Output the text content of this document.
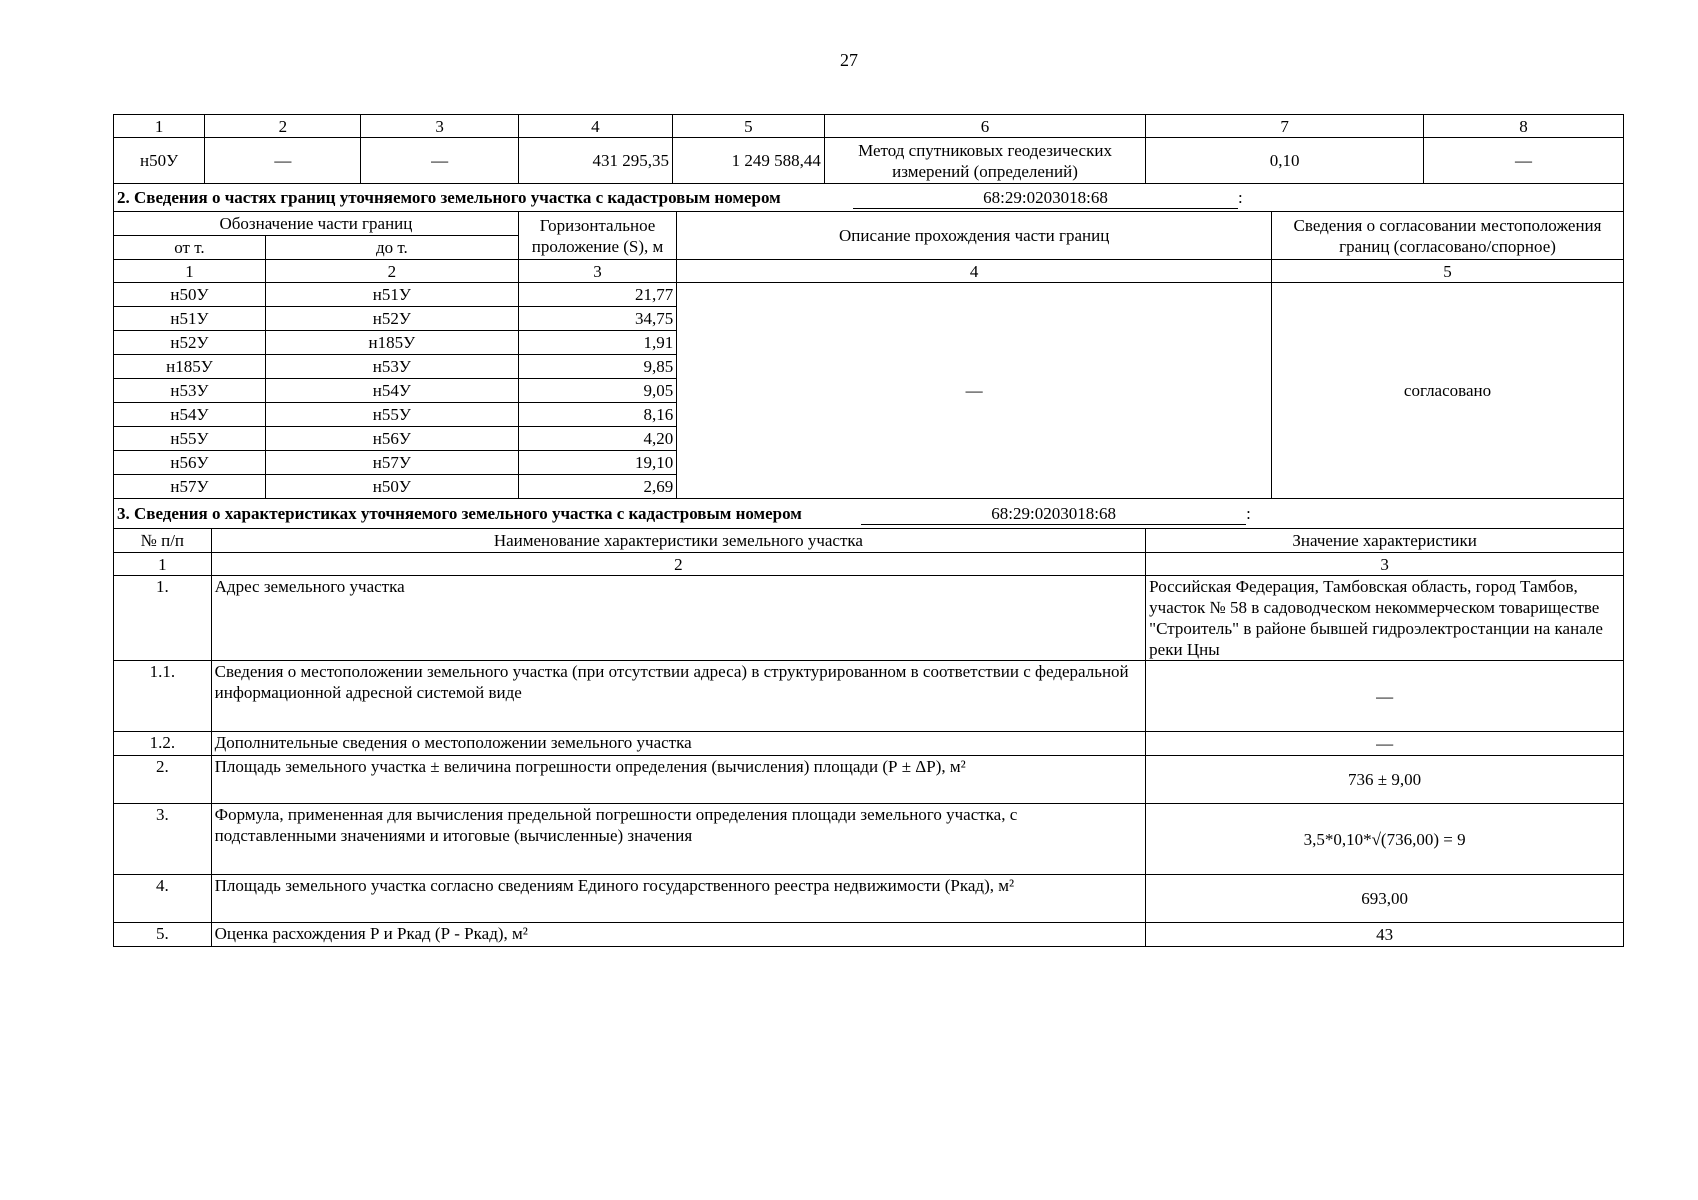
27
1	2			3	4	5		6	7		8
н50У	—			—	431 295,35	1 249 588,44		Метод спутниковых геодезических измерений (определений)	0,10		—
2. Сведения о частях границ уточняемого земельного участка с кадастровым номером 68:29:0203018:68 :											
Обозначение части границ					Горизонтальное проложение (S), м		Описание прохождения части границ			Сведения о согласовании местоположения границ (согласовано/спорное)	
от т.			до т.								
1			2		3		4			5	
н50У			н51У		21,77		—			согласовано	
н51У			н52У		34,75						
н52У			н185У		1,91						
н185У			н53У		9,85						
н53У			н54У		9,05						
н54У			н55У		8,16						
н55У			н56У		4,20						
н56У			н57У		19,10						
н57У			н50У		2,69						
3. Сведения о характеристиках уточняемого земельного участка с кадастровым номером 68:29:0203018:68 :											
№ п/п		Наименование характеристики земельного участка							Значение характеристики		
1		2							3		
1.		Адрес земельного участка							Российская Федерация, Тамбовская область, город Тамбов, участок № 58 в садоводческом некоммерческом товариществе "Строитель" в районе бывшей гидроэлектростанции на канале реки Цны		
1.1.		Сведения о местоположении земельного участка (при отсутствии адреса) в структурированном в соответствии с федеральной информационной адресной системой виде							—		
1.2.		Дополнительные сведения о местоположении земельного участка							—		
2.		Площадь земельного участка ± величина погрешности определения (вычисления) площади (Р ± ΔР), м²							736 ± 9,00		
3.		Формула, примененная для вычисления предельной погрешности определения площади земельного участка, с подставленными значениями и итоговые (вычисленные) значения							3,5*0,10*√(736,00) = 9		
4.		Площадь земельного участка согласно сведениям Единого государственного реестра недвижимости (Ркад), м²							693,00		
5.		Оценка расхождения Р и Ркад (Р - Ркад), м²							43		
